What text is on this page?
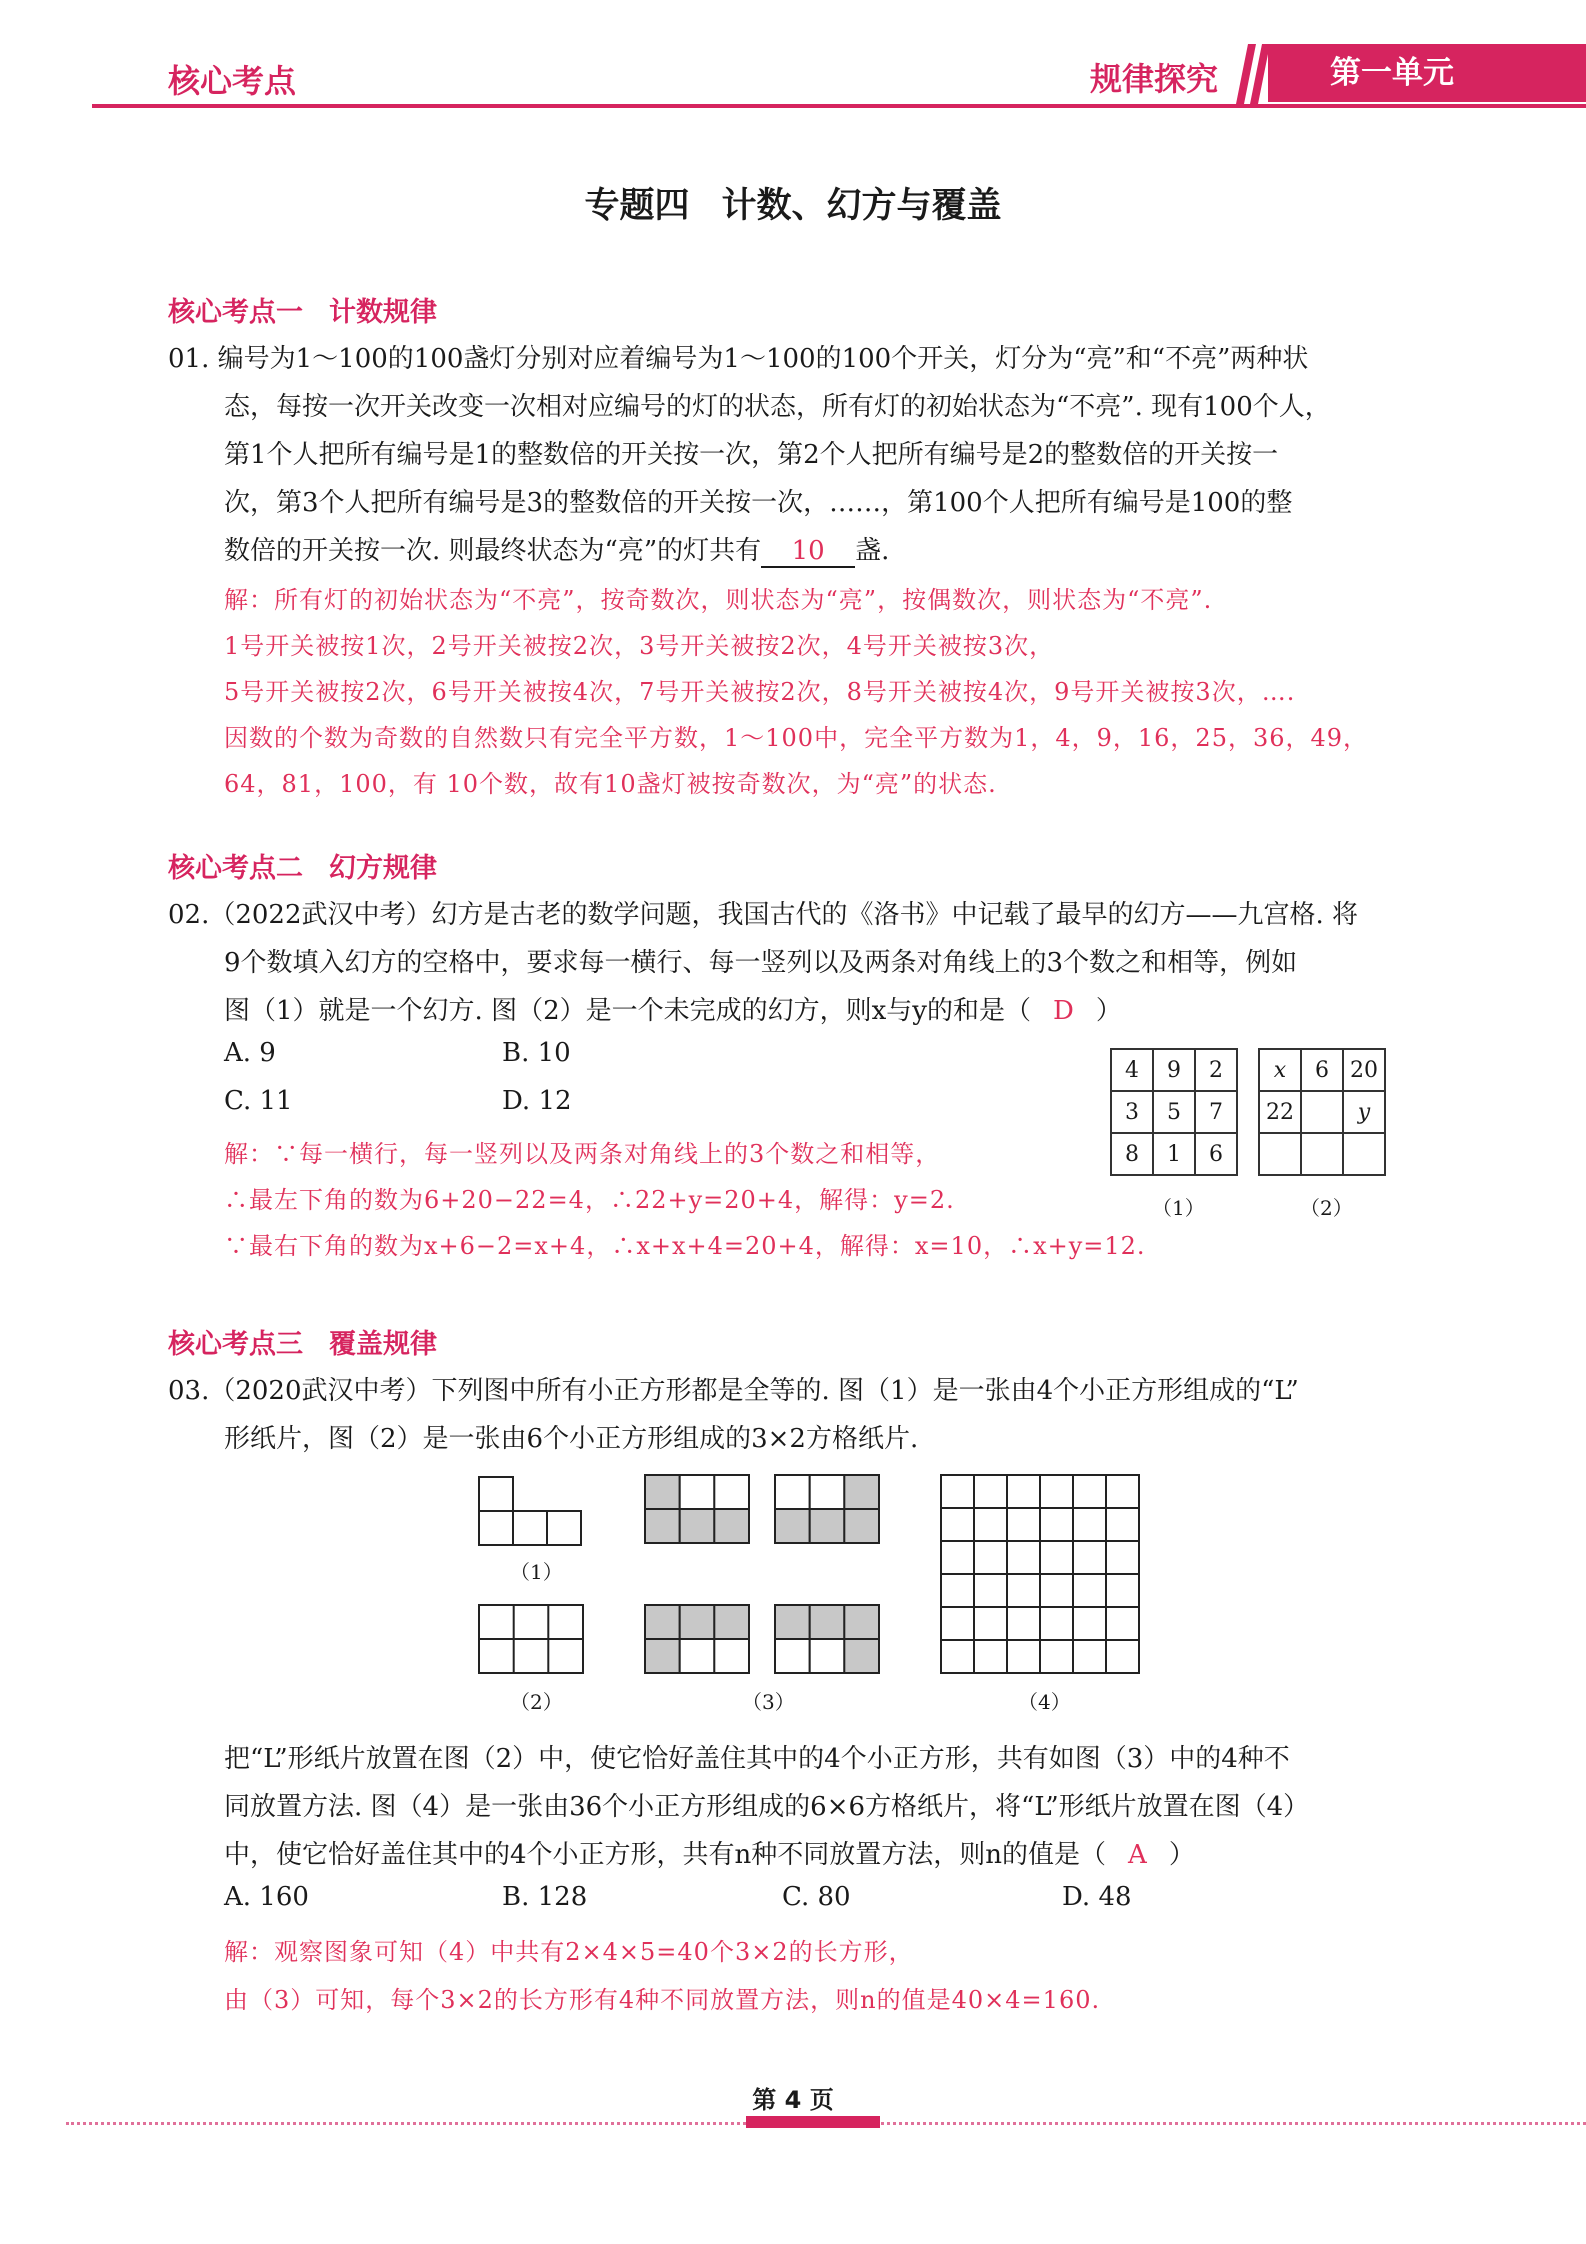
核心考点	规律探究	第一单元
专题四 计数、幻方与覆盖
核心考点一 计数规律
01. 编号为1～100的100盏灯分别对应着编号为1～100的100个开关，灯分为“亮”和“不亮”两种状
态，每按一次开关改变一次相对应编号的灯的状态，所有灯的初始状态为“不亮”. 现有100个人，
第1个人把所有编号是1的整数倍的开关按一次，第2个人把所有编号是2的整数倍的开关按一
次，第3个人把所有编号是3的整数倍的开关按一次，……，第100个人把所有编号是100的整
数倍的开关按一次. 则最终状态为“亮”的灯共有 10 盏.
解：所有灯的初始状态为“不亮”，按奇数次，则状态为“亮”，按偶数次，则状态为“不亮”.
1号开关被按1次，2号开关被按2次，3号开关被按2次，4号开关被按3次，
5号开关被按2次，6号开关被按4次，7号开关被按2次，8号开关被按4次，9号开关被按3次，….
因数的个数为奇数的自然数只有完全平方数，1～100中，完全平方数为1，4，9，16，25，36，49，
64，81，100，有 10个数，故有10盏灯被按奇数次，为“亮”的状态.
核心考点二 幻方规律
02.（2022武汉中考）幻方是古老的数学问题，我国古代的《洛书》中记载了最早的幻方——九宫格. 将
9个数填入幻方的空格中，要求每一横行、每一竖列以及两条对角线上的3个数之和相等，例如
图（1）就是一个幻方. 图（2）是一个未完成的幻方，则x与y的和是（ D ）
A. 9	B. 10
C. 11	D. 12
解：∵每一横行，每一竖列以及两条对角线上的3个数之和相等，
∴最左下角的数为6+20−22=4，∴22+y=20+4，解得：y=2.
∵最右下角的数为x+6−2=x+4，∴x+x+4=20+4，解得：x=10，∴x+y=12.
4	9	2
3	5	7
8	1	6
x	6	20
22		y

（1）	（2）
核心考点三 覆盖规律
03.（2020武汉中考）下列图中所有小正方形都是全等的. 图（1）是一张由4个小正方形组成的“L”
形纸片，图（2）是一张由6个小正方形组成的3×2方格纸片.
（1）
（2）	（3）	（4）
把“L”形纸片放置在图（2）中，使它恰好盖住其中的4个小正方形，共有如图（3）中的4种不
同放置方法. 图（4）是一张由36个小正方形组成的6×6方格纸片，将“L”形纸片放置在图（4）
中，使它恰好盖住其中的4个小正方形，共有n种不同放置方法，则n的值是（ A ）
A. 160	B. 128	C. 80	D. 48
解：观察图象可知（4）中共有2×4×5=40个3×2的长方形，
由（3）可知，每个3×2的长方形有4种不同放置方法，则n的值是40×4=160.
第 4 页
